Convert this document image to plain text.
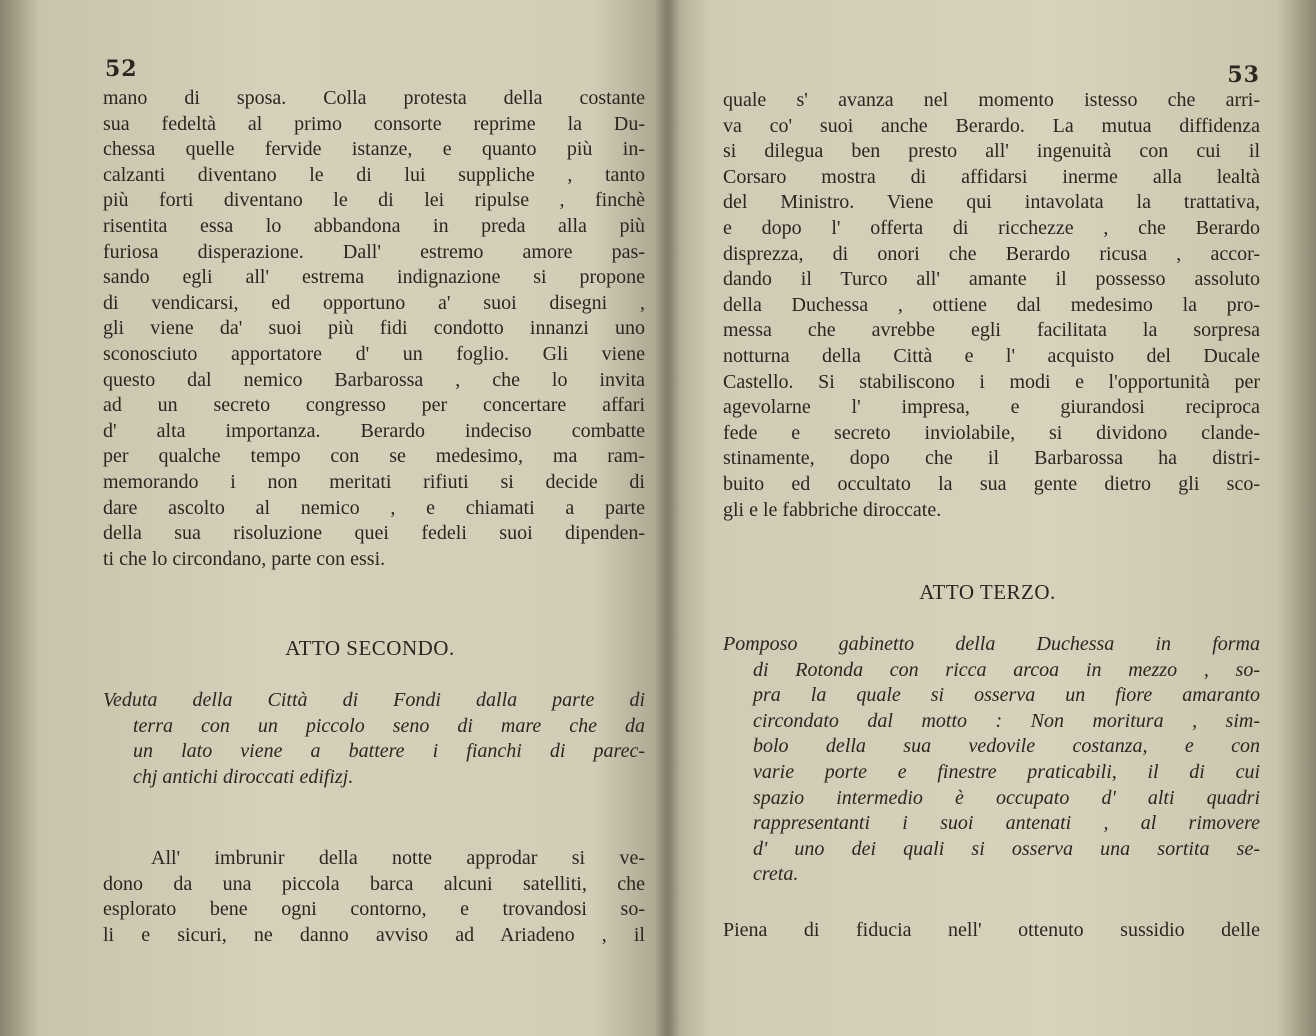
52
mano di sposa. Colla protesta della costante
sua fedeltà al primo consorte reprime la Du-
chessa quelle fervide istanze, e quanto più in-
calzanti diventano le di lui suppliche , tanto
più forti diventano le di lei ripulse , finchè
risentita essa lo abbandona in preda alla più
furiosa disperazione. Dall' estremo amore pas-
sando egli all' estrema indignazione si propone
di vendicarsi, ed opportuno a' suoi disegni ,
gli viene da' suoi più fidi condotto innanzi uno
sconosciuto apportatore d' un foglio. Gli viene
questo dal nemico Barbarossa , che lo invita
ad un secreto congresso per concertare affari
d' alta importanza. Berardo indeciso combatte
per qualche tempo con se medesimo, ma ram-
memorando i non meritati rifiuti si decide di
dare ascolto al nemico , e chiamati a parte
della sua risoluzione quei fedeli suoi dipenden-
ti che lo circondano, parte con essi.
ATTO SECONDO.
Veduta della Città di Fondi dalla parte di
terra con un piccolo seno di mare che da
un lato viene a battere i fianchi di parec-
chj antichi diroccati edifizj.
All' imbrunir della notte approdar si ve-
dono da una piccola barca alcuni satelliti, che
esplorato bene ogni contorno, e trovandosi so-
li e sicuri, ne danno avviso ad Ariadeno , il
53
quale s' avanza nel momento istesso che arri-
va co' suoi anche Berardo. La mutua diffidenza
si dilegua ben presto all' ingenuità con cui il
Corsaro mostra di affidarsi inerme alla lealtà
del Ministro. Viene qui intavolata la trattativa,
e dopo l' offerta di ricchezze , che Berardo
disprezza, di onori che Berardo ricusa , accor-
dando il Turco all' amante il possesso assoluto
della Duchessa , ottiene dal medesimo la pro-
messa che avrebbe egli facilitata la sorpresa
notturna della Città e l' acquisto del Ducale
Castello. Si stabiliscono i modi e l'opportunità per
agevolarne l' impresa, e giurandosi reciproca
fede e secreto inviolabile, si dividono clande-
stinamente, dopo che il Barbarossa ha distri-
buito ed occultato la sua gente dietro gli sco-
gli e le fabbriche diroccate.
ATTO TERZO.
Pomposo gabinetto della Duchessa in forma
di Rotonda con ricca arcoa in mezzo , so-
pra la quale si osserva un fiore amaranto
circondato dal motto : Non moritura , sim-
bolo della sua vedovile costanza, e con
varie porte e finestre praticabili, il di cui
spazio intermedio è occupato d' alti quadri
rappresentanti i suoi antenati , al rimovere
d' uno dei quali si osserva una sortita se-
creta.
Piena di fiducia nell' ottenuto sussidio delle
